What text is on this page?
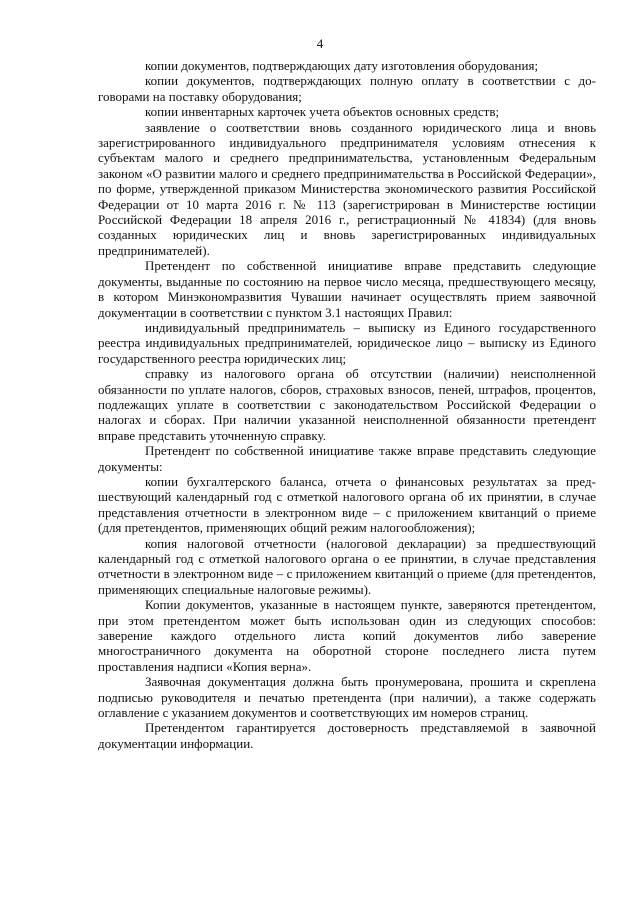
4

копии документов, подтверждающих дату изготовления оборудования;

копии документов, подтверждающих полную оплату в соответствии с договорами на поставку оборудования;

копии инвентарных карточек учета объектов основных средств;

заявление о соответствии вновь созданного юридического лица и вновь зарегистрированного индивидуального предпринимателя условиям отнесения к субъектам малого и среднего предпринимательства, установленным Федеральным законом «О развитии малого и среднего предпринимательства в Российской Федерации», по форме, утвержденной приказом Министерства экономического развития Российской Федерации от 10 марта 2016 г. № 113 (зарегистрирован в Министерстве юстиции Российской Федерации 18 апреля 2016 г., регистрационный № 41834) (для вновь созданных юридических лиц и вновь зарегистрированных индивидуальных предпринимателей).

Претендент по собственной инициативе вправе представить следующие документы, выданные по состоянию на первое число месяца, предшествующего месяцу, в котором Минэкономразвития Чувашии начинает осуществлять прием заявочной документации в соответствии с пунктом 3.1 настоящих Правил:

индивидуальный предприниматель – выписку из Единого государственного реестра индивидуальных предпринимателей, юридическое лицо – выписку из Единого государственного реестра юридических лиц;

справку из налогового органа об отсутствии (наличии) неисполненной обязанности по уплате налогов, сборов, страховых взносов, пеней, штрафов, процентов, подлежащих уплате в соответствии с законодательством Российской Федерации о налогах и сборах. При наличии указанной неисполненной обязанности претендент вправе представить уточненную справку.

Претендент по собственной инициативе также вправе представить следующие документы:

копии бухгалтерского баланса, отчета о финансовых результатах за предшествующий календарный год с отметкой налогового органа об их принятии, в случае представления отчетности в электронном виде – с приложением квитанций о приеме (для претендентов, применяющих общий режим налогообложения);

копия налоговой отчетности (налоговой декларации) за предшествующий календарный год с отметкой налогового органа о ее принятии, в случае представления отчетности в электронном виде – с приложением квитанций о приеме (для претендентов, применяющих специальные налоговые режимы).

Копии документов, указанные в настоящем пункте, заверяются претендентом, при этом претендентом может быть использован один из следующих способов: заверение каждого отдельного листа копий документов либо заверение многостраничного документа на оборотной стороне последнего листа путем проставления надписи «Копия верна».

Заявочная документация должна быть пронумерована, прошита и скреплена подписью руководителя и печатью претендента (при наличии), а также содержать оглавление с указанием документов и соответствующих им номеров страниц.

Претендентом гарантируется достоверность представляемой в заявочной документации информации.
